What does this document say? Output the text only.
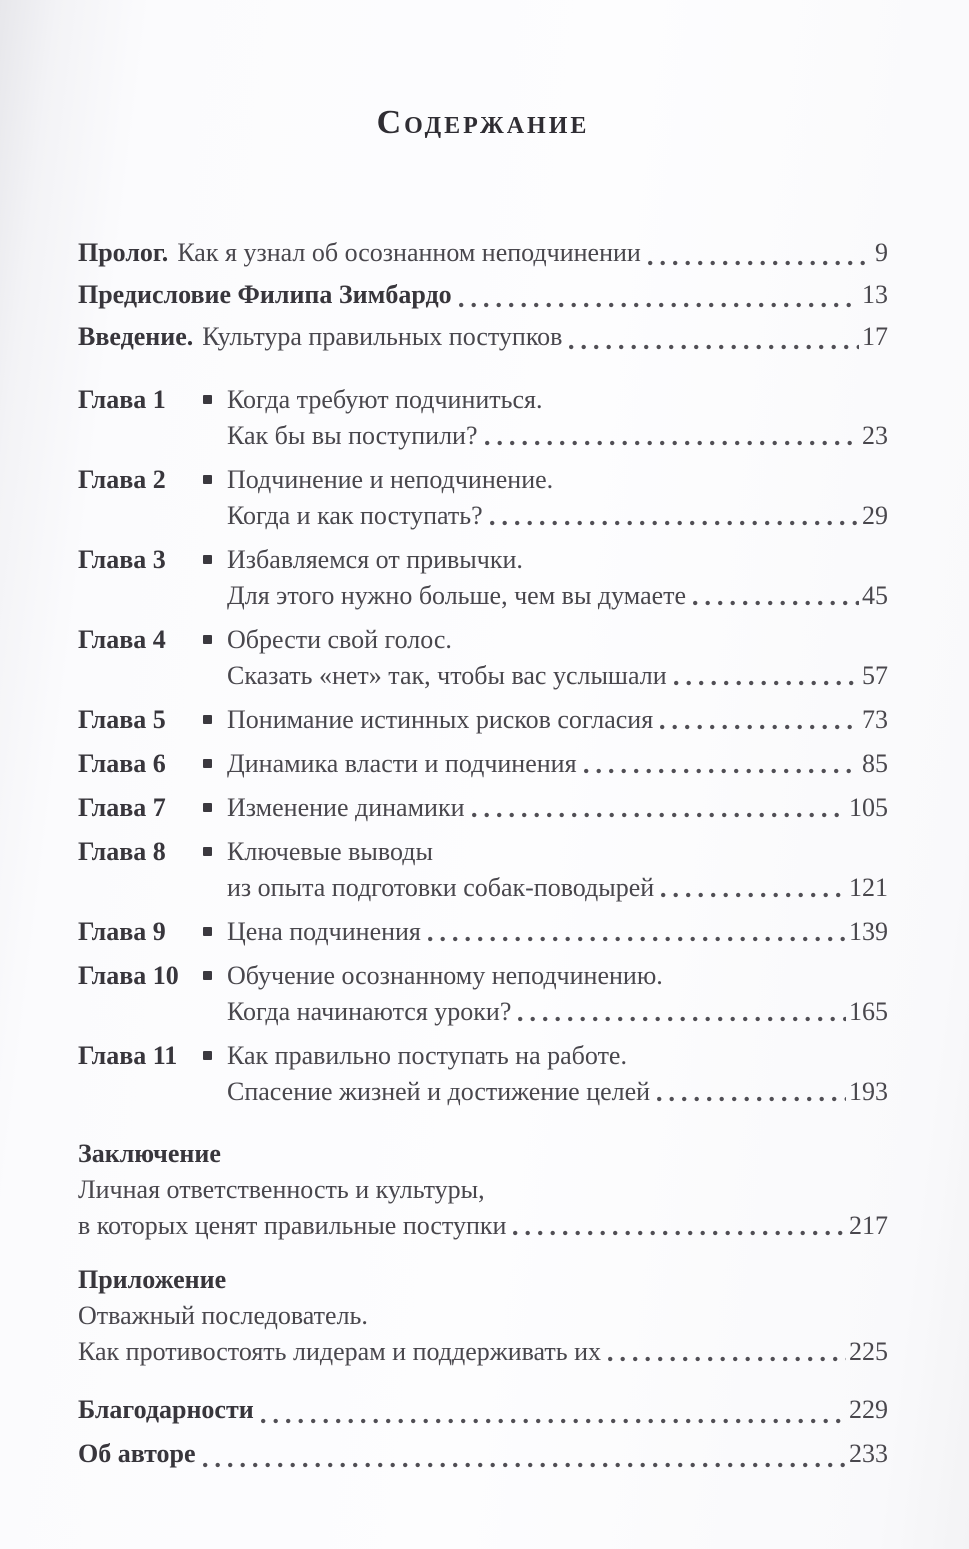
Содержание
Пролог. Как я узнал об осознанном неподчинении	9
Предисловие Филипа Зимбардо	13
Введение. Культура правильных поступков	17
Глава 1	Когда требуют подчиниться.
Как бы вы поступили?	23
Глава 2	Подчинение и неподчинение.
Когда и как поступать?	29
Глава 3	Избавляемся от привычки.
Для этого нужно больше, чем вы думаете	45
Глава 4	Обрести свой голос.
Сказать «нет» так, чтобы вас услышали	57
Глава 5	Понимание истинных рисков согласия	73
Глава 6	Динамика власти и подчинения	85
Глава 7	Изменение динамики	105
Глава 8	Ключевые выводы
из опыта подготовки собак-поводырей	121
Глава 9	Цена подчинения	139
Глава 10	Обучение осознанному неподчинению.
Когда начинаются уроки?	165
Глава 11	Как правильно поступать на работе.
Спасение жизней и достижение целей	193
Заключение
Личная ответственность и культуры,
в которых ценят правильные поступки	217
Приложение
Отважный последователь.
Как противостоять лидерам и поддерживать их	225
Благодарности	229
Об авторе	233
